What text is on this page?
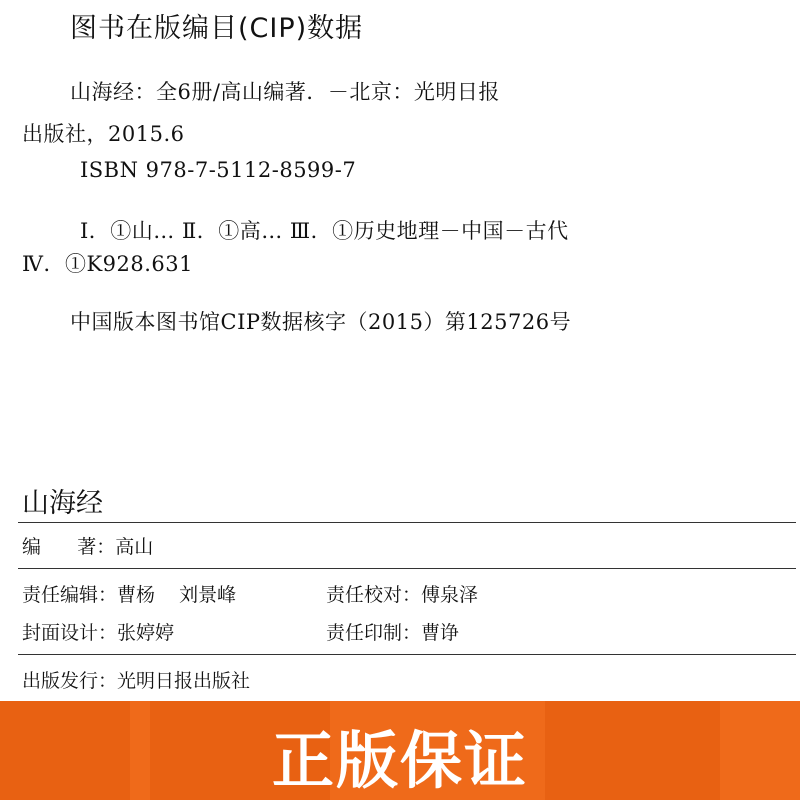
图书在版编目(CIP)数据
山海经：全6册/高山编著．－北京：光明日报
出版社，2015.6
ISBN 978-7-5112-8599-7
Ⅰ．①山… Ⅱ．①高… Ⅲ．①历史地理－中国－古代
Ⅳ．①K928.631
中国版本图书馆CIP数据核字（2015）第125726号
山海经
编      著：高山
责任编辑：曹杨    刘景峰	责任校对：傅泉泽
封面设计：张婷婷	责任印制：曹诤
出版发行：光明日报出版社
正版保证
